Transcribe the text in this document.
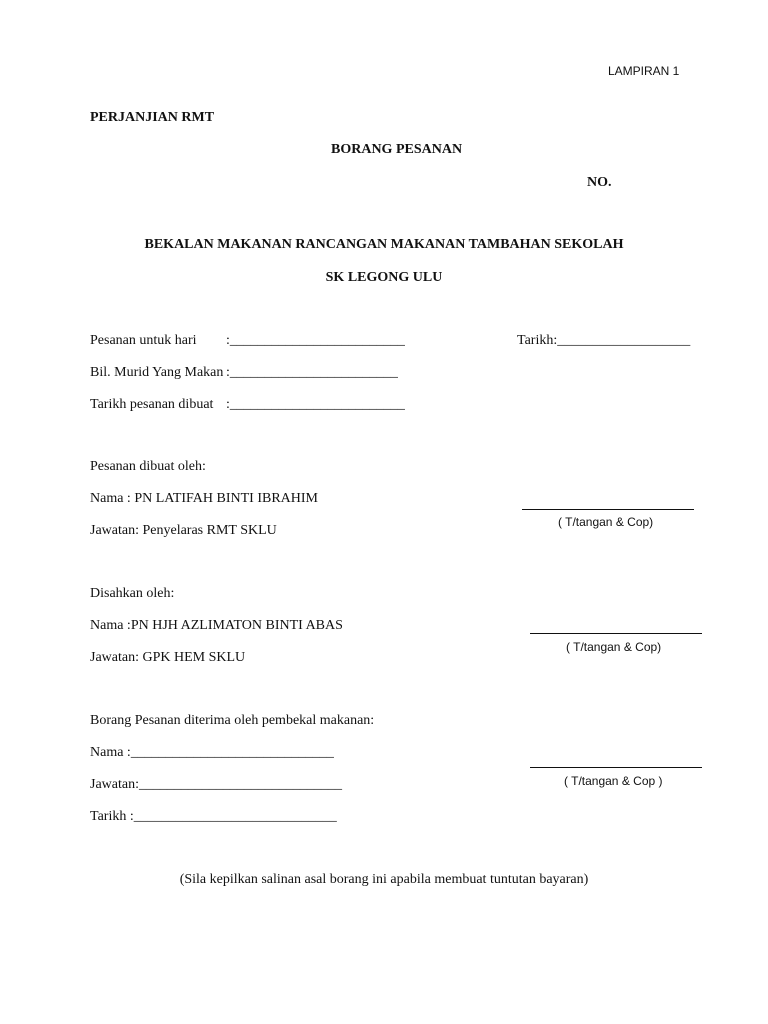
LAMPIRAN 1
PERJANJIAN RMT
BORANG PESANAN
NO.
BEKALAN MAKANAN RANCANGAN MAKANAN TAMBAHAN SEKOLAH
SK LEGONG ULU
Pesanan untuk hari :_________________________	Tarikh:___________________
Bil. Murid Yang Makan :________________________
Tarikh pesanan dibuat :_________________________
Pesanan dibuat oleh:
Nama : PN LATIFAH BINTI IBRAHIM
Jawatan: Penyelaras RMT SKLU
( T/tangan & Cop)
Disahkan oleh:
Nama :PN HJH AZLIMATON BINTI ABAS
Jawatan: GPK HEM SKLU
( T/tangan & Cop)
Borang Pesanan diterima oleh pembekal makanan:
Nama :_____________________________
Jawatan:_____________________________
Tarikh :_____________________________
( T/tangan & Cop )
(Sila kepilkan salinan asal borang ini apabila membuat tuntutan bayaran)
